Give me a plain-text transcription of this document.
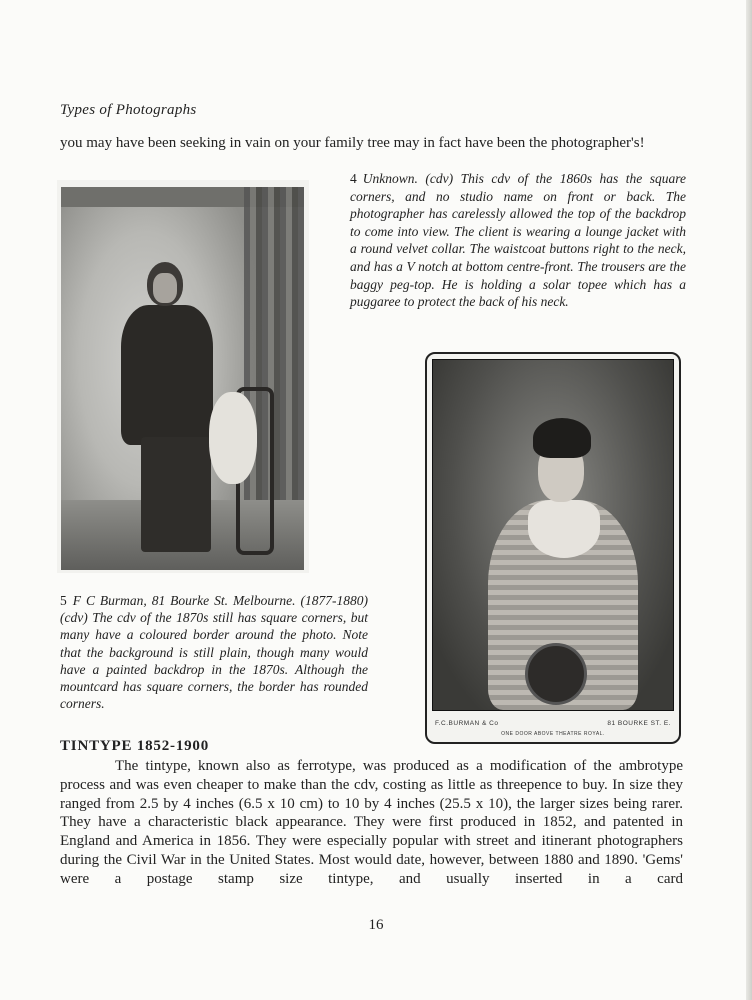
Types of Photographs
you may have been seeking in vain on your family tree may in fact have been the photographer's!
4 Unknown. (cdv) This cdv of the 1860s has the square corners, and no studio name on front or back. The photographer has carelessly allowed the top of the backdrop to come into view. The client is wearing a lounge jacket with a round velvet collar. The waistcoat buttons right to the neck, and has a V notch at bottom centre-front. The trousers are the baggy peg-top. He is holding a solar topee which has a puggaree to protect the back of his neck.
F.C.BURMAN & Co	81 BOURKE ST. E.
ONE DOOR ABOVE THEATRE ROYAL.
5 F C Burman, 81 Bourke St. Melbourne. (1877-1880) (cdv) The cdv of the 1870s still has square corners, but many have a coloured border around the photo. Note that the background is still plain, though many would have a painted backdrop in the 1870s. Although the mountcard has square corners, the border has rounded corners.
TINTYPE 1852-1900
The tintype, known also as ferrotype, was produced as a modification of the ambrotype process and was even cheaper to make than the cdv, costing as little as threepence to buy. In size they ranged from 2.5 by 4 inches (6.5 x 10 cm) to 10 by 4 inches (25.5 x 10), the larger sizes being rarer. They have a characteristic black appearance. They were first produced in 1852, and patented in England and America in 1856. They were especially popular with street and itinerant photographers during the Civil War in the United States. Most would date, however, between 1880 and 1890. 'Gems' were a postage stamp size tintype, and usually inserted in a card
16
